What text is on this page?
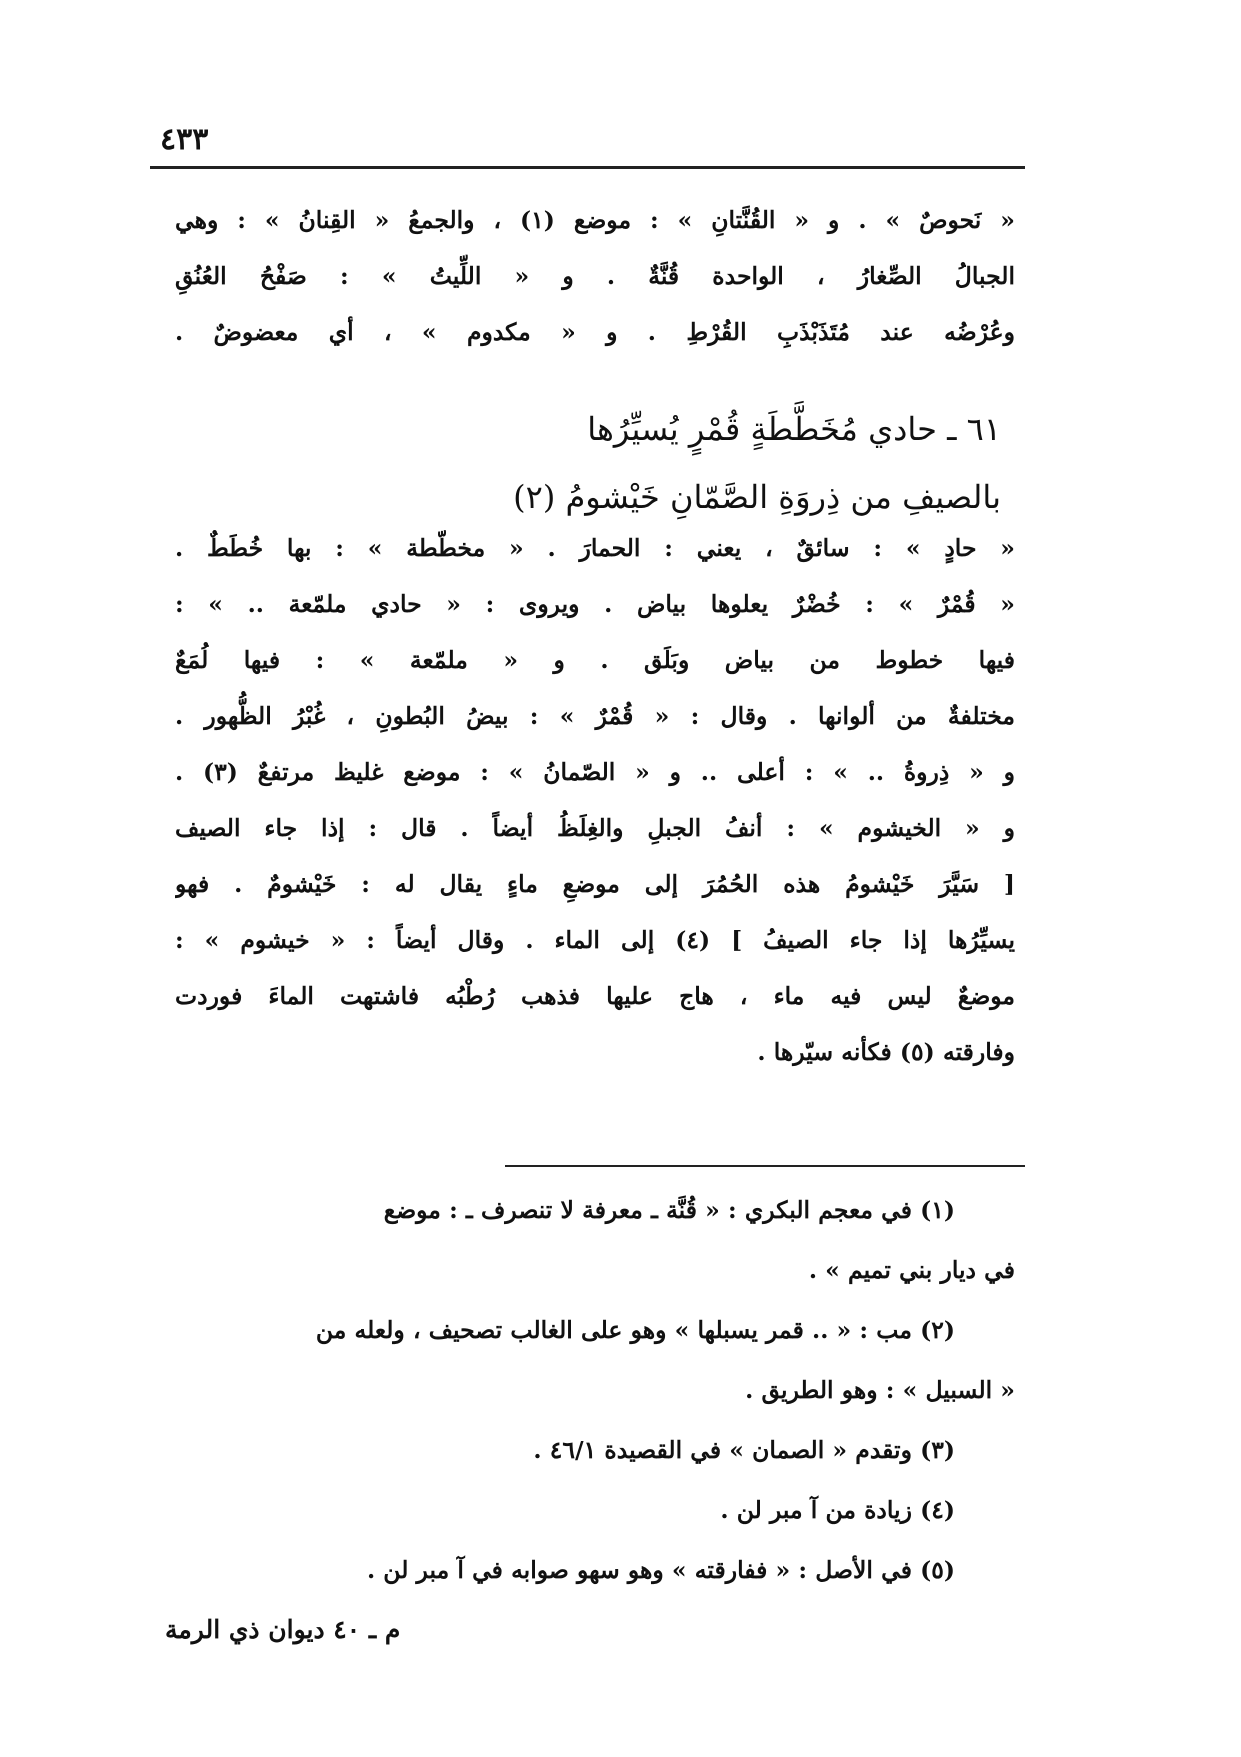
٤٣٣
« نَحوصٌ » . و « القُنَّتانِ » : موضع (١) ، والجمعُ « القِنانُ » : وهي
الجبالُ الصِّغارُ ، الواحدة قُنَّةٌ . و « اللِّيتُ » : صَفْحُ العُنُقِ
وعُرْضُه عند مُتَذَبْذَبِ القُرْطِ . و « مكدوم » ، أي معضوضٌ .
٦١ ـ حادي مُخَطَّطَةٍ قُمْرٍ يُسيِّرُها
بالصيفِ من ذِروَةِ الصَّمّانِ خَيْشومُ (٢)
« حادٍ » : سائقٌ ، يعني : الحمارَ . « مخطّطة » : بها خُطَطٌ .
« قُمْرٌ » : خُضْرٌ يعلوها بياض . ويروى : « حادي ملمّعة .. » :
فيها خطوط من بياض وبَلَق . و « ملمّعة » : فيها لُمَعٌ
مختلفةٌ من ألوانها . وقال : « قُمْرٌ » : بيضُ البُطونِ ، غُبْرُ الظُّهور .
و « ذِروةُ .. » : أعلى .. و « الصّمانُ » : موضع غليظ مرتفعٌ (٣) .
و « الخيشوم » : أنفُ الجبلِ والغِلَظُ أيضاً . قال : إذا جاء الصيف
[ سَيَّرَ خَيْشومُ هذه الحُمُرَ إلى موضعِ ماءٍ يقال له : خَيْشومٌ . فهو
يسيِّرُها إذا جاء الصيفُ ] (٤) إلى الماء . وقال أيضاً : « خيشوم » :
موضعٌ ليس فيه ماء ، هاج عليها فذهب رُطْبُه فاشتهت الماءَ فوردت
وفارقته (٥) فكأنه سيّرها .
(١) في معجم البكري : « قُنَّة ـ معرفة لا تنصرف ـ : موضع
في ديار بني تميم » .
(٢) مب : « .. قمر يسبلها » وهو على الغالب تصحيف ، ولعله من
« السبيل » : وهو الطريق .
(٣) وتقدم « الصمان » في القصيدة ٤٦/١ .
(٤) زيادة من آ مبر لن .
(٥) في الأصل : « ففارقته » وهو سهو صوابه في آ مبر لن .
م ـ ٤٠ ديوان ذي الرمة
